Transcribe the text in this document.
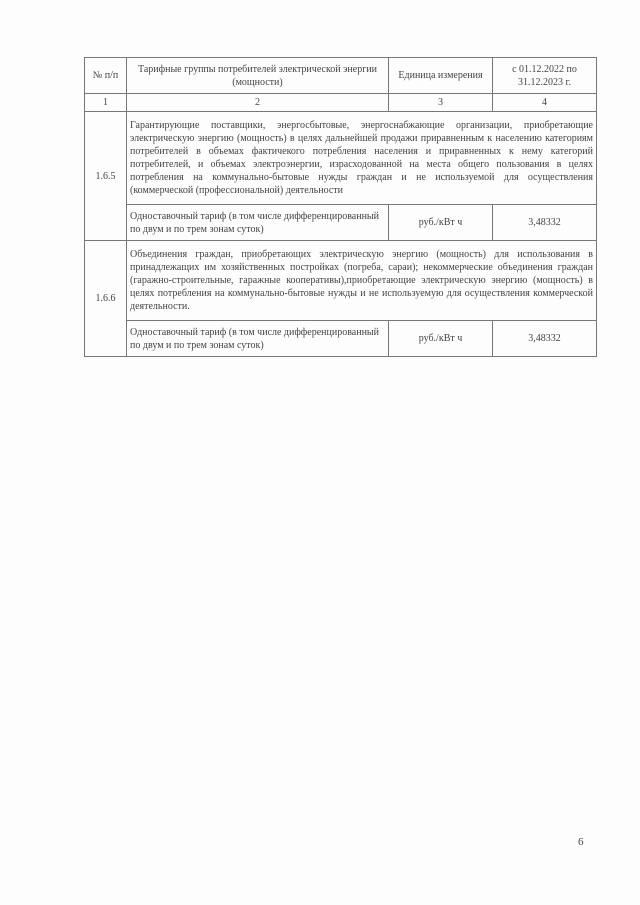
№ п/п	Тарифные группы потребителей электрической энергии (мощности)	Единица измерения	с 01.12.2022 по 31.12.2023 г.
1	2	3	4
1.6.5	Гарантирующие поставщики, энергосбытовые, энергоснабжающие организации, приобретающие электрическую энергию (мощность) в целях дальнейшей продажи приравненным к населению категориям потребителей в объемах фактичекого потребления населения и приравненных к нему категорий потребителей, и объемах электроэнергии, израсходованной на места общего пользования в целях потребления на коммунально-бытовые нужды граждан и не используемой для осуществления (коммерческой (профессиональной) деятельности		
	Одноставочный тариф (в том числе дифференцированный по двум и по трем зонам суток)	руб./кВт ч	3,48332
1.6.6	Объединения граждан, приобретающих электрическую энергию (мощность) для использования в принадлежащих им хозяйственных постройках (погреба, сараи); некоммерческие объединения граждан (гаражно-строительные, гаражные кооперативы),приобретающие электрическую энергию (мощность) в целях потребления на коммунально-бытовые нужды и не используемую для осуществления коммерческой деятельности.		
	Одноставочный тариф (в том числе дифференцированный по двум и по трем зонам суток)	руб./кВт ч	3,48332
6
